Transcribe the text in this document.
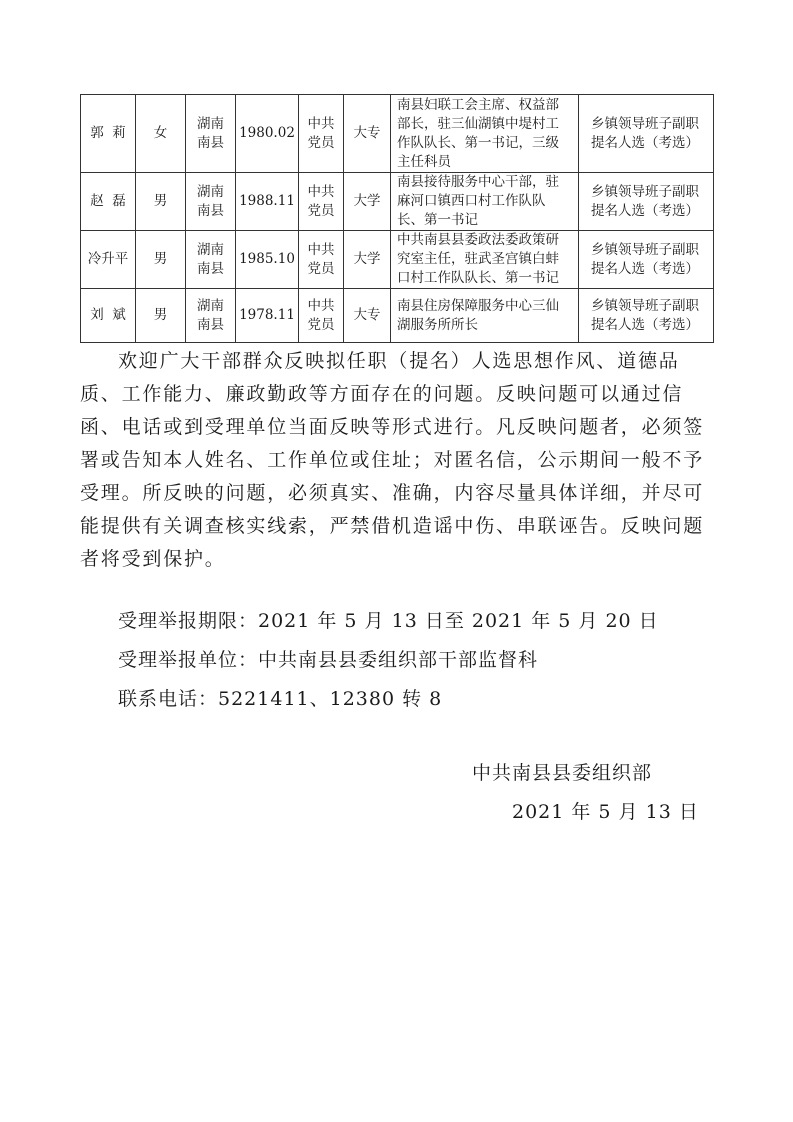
郭  莉	女	湖南南县	1980.02	中共党员	大专	南县妇联工会主席、权益部部长，驻三仙湖镇中堤村工作队队长、第一书记，三级主任科员	乡镇领导班子副职提名人选（考选）
赵  磊	男	湖南南县	1988.11	中共党员	大学	南县接待服务中心干部，驻麻河口镇西口村工作队队长、第一书记	乡镇领导班子副职提名人选（考选）
冷升平	男	湖南南县	1985.10	中共党员	大学	中共南县县委政法委政策研究室主任，驻武圣宫镇白蚌口村工作队队长、第一书记	乡镇领导班子副职提名人选（考选）
刘  斌	男	湖南南县	1978.11	中共党员	大专	南县住房保障服务中心三仙湖服务所所长	乡镇领导班子副职提名人选（考选）
欢迎广大干部群众反映拟任职（提名）人选思想作风、道德品质、工作能力、廉政勤政等方面存在的问题。反映问题可以通过信函、电话或到受理单位当面反映等形式进行。凡反映问题者，必须签署或告知本人姓名、工作单位或住址；对匿名信，公示期间一般不予受理。所反映的问题，必须真实、准确，内容尽量具体详细，并尽可能提供有关调查核实线索，严禁借机造谣中伤、串联诬告。反映问题者将受到保护。
受理举报期限：2021 年 5 月 13 日至 2021 年 5 月 20 日
受理举报单位：中共南县县委组织部干部监督科
联系电话：5221411、12380 转 8
中共南县县委组织部
2021 年 5 月 13 日
